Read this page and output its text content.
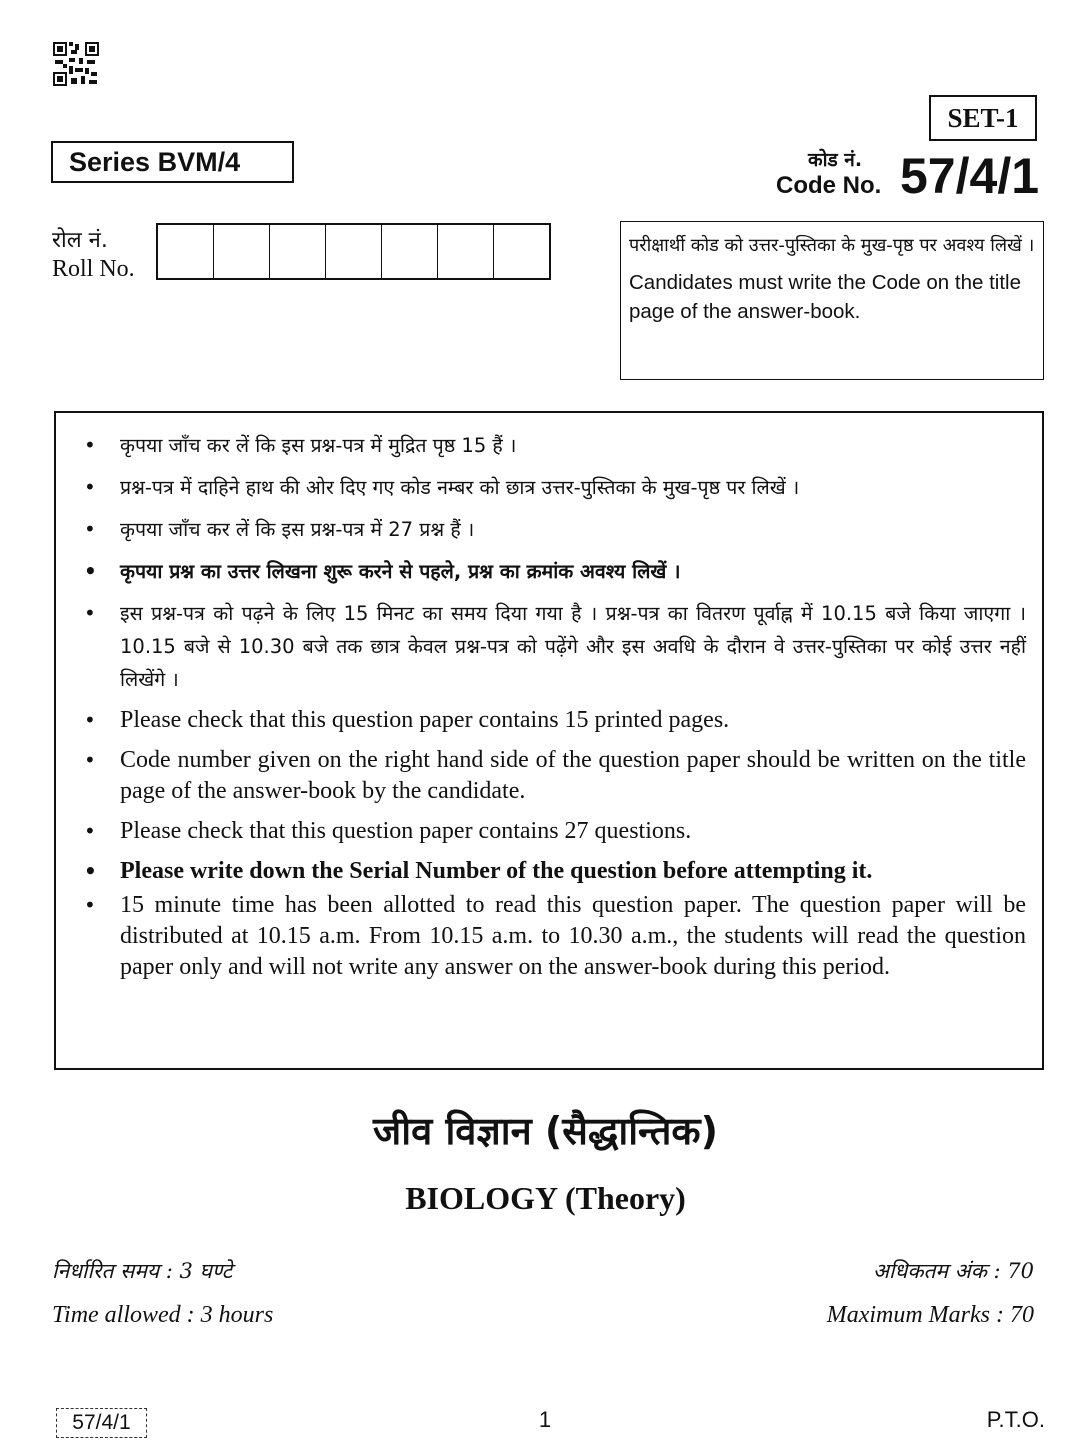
SET-1
Series BVM/4	कोड नं.
Code No. 57/4/1
रोल नं.
Roll No.
परीक्षार्थी कोड को उत्तर-पुस्तिका के मुख-पृष्ठ पर अवश्य लिखें ।
Candidates must write the Code on the title page of the answer-book.
• कृपया जाँच कर लें कि इस प्रश्न-पत्र में मुद्रित पृष्ठ 15 हैं ।
• प्रश्न-पत्र में दाहिने हाथ की ओर दिए गए कोड नम्बर को छात्र उत्तर-पुस्तिका के मुख-पृष्ठ पर लिखें ।
• कृपया जाँच कर लें कि इस प्रश्न-पत्र में 27 प्रश्न हैं ।
• कृपया प्रश्न का उत्तर लिखना शुरू करने से पहले, प्रश्न का क्रमांक अवश्य लिखें ।
• इस प्रश्न-पत्र को पढ़ने के लिए 15 मिनट का समय दिया गया है । प्रश्न-पत्र का वितरण पूर्वाह्न में 10.15 बजे किया जाएगा । 10.15 बजे से 10.30 बजे तक छात्र केवल प्रश्न-पत्र को पढ़ेंगे और इस अवधि के दौरान वे उत्तर-पुस्तिका पर कोई उत्तर नहीं लिखेंगे ।
• Please check that this question paper contains 15 printed pages.
• Code number given on the right hand side of the question paper should be written on the title page of the answer-book by the candidate.
• Please check that this question paper contains 27 questions.
• Please write down the Serial Number of the question before attempting it.
• 15 minute time has been allotted to read this question paper. The question paper will be distributed at 10.15 a.m. From 10.15 a.m. to 10.30 a.m., the students will read the question paper only and will not write any answer on the answer-book during this period.
जीव विज्ञान (सैद्धान्तिक)
BIOLOGY (Theory)
निर्धारित समय : 3 घण्टे
Time allowed : 3 hours
अधिकतम अंक : 70
Maximum Marks : 70
57/4/1	1	P.T.O.
